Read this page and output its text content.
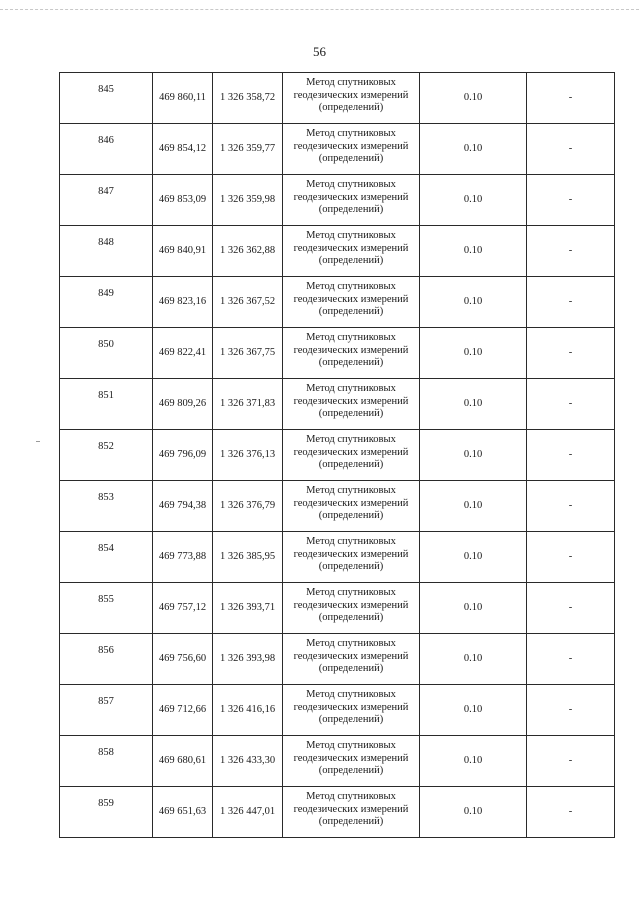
56
845	469 860,11	1 326 358,72	Метод спутниковых
геодезических измерений
(определений)	0.10	-
846	469 854,12	1 326 359,77	Метод спутниковых
геодезических измерений
(определений)	0.10	-
847	469 853,09	1 326 359,98	Метод спутниковых
геодезических измерений
(определений)	0.10	-
848	469 840,91	1 326 362,88	Метод спутниковых
геодезических измерений
(определений)	0.10	-
849	469 823,16	1 326 367,52	Метод спутниковых
геодезических измерений
(определений)	0.10	-
850	469 822,41	1 326 367,75	Метод спутниковых
геодезических измерений
(определений)	0.10	-
851	469 809,26	1 326 371,83	Метод спутниковых
геодезических измерений
(определений)	0.10	-
852	469 796,09	1 326 376,13	Метод спутниковых
геодезических измерений
(определений)	0.10	-
853	469 794,38	1 326 376,79	Метод спутниковых
геодезических измерений
(определений)	0.10	-
854	469 773,88	1 326 385,95	Метод спутниковых
геодезических измерений
(определений)	0.10	-
855	469 757,12	1 326 393,71	Метод спутниковых
геодезических измерений
(определений)	0.10	-
856	469 756,60	1 326 393,98	Метод спутниковых
геодезических измерений
(определений)	0.10	-
857	469 712,66	1 326 416,16	Метод спутниковых
геодезических измерений
(определений)	0.10	-
858	469 680,61	1 326 433,30	Метод спутниковых
геодезических измерений
(определений)	0.10	-
859	469 651,63	1 326 447,01	Метод спутниковых
геодезических измерений
(определений)	0.10	-
